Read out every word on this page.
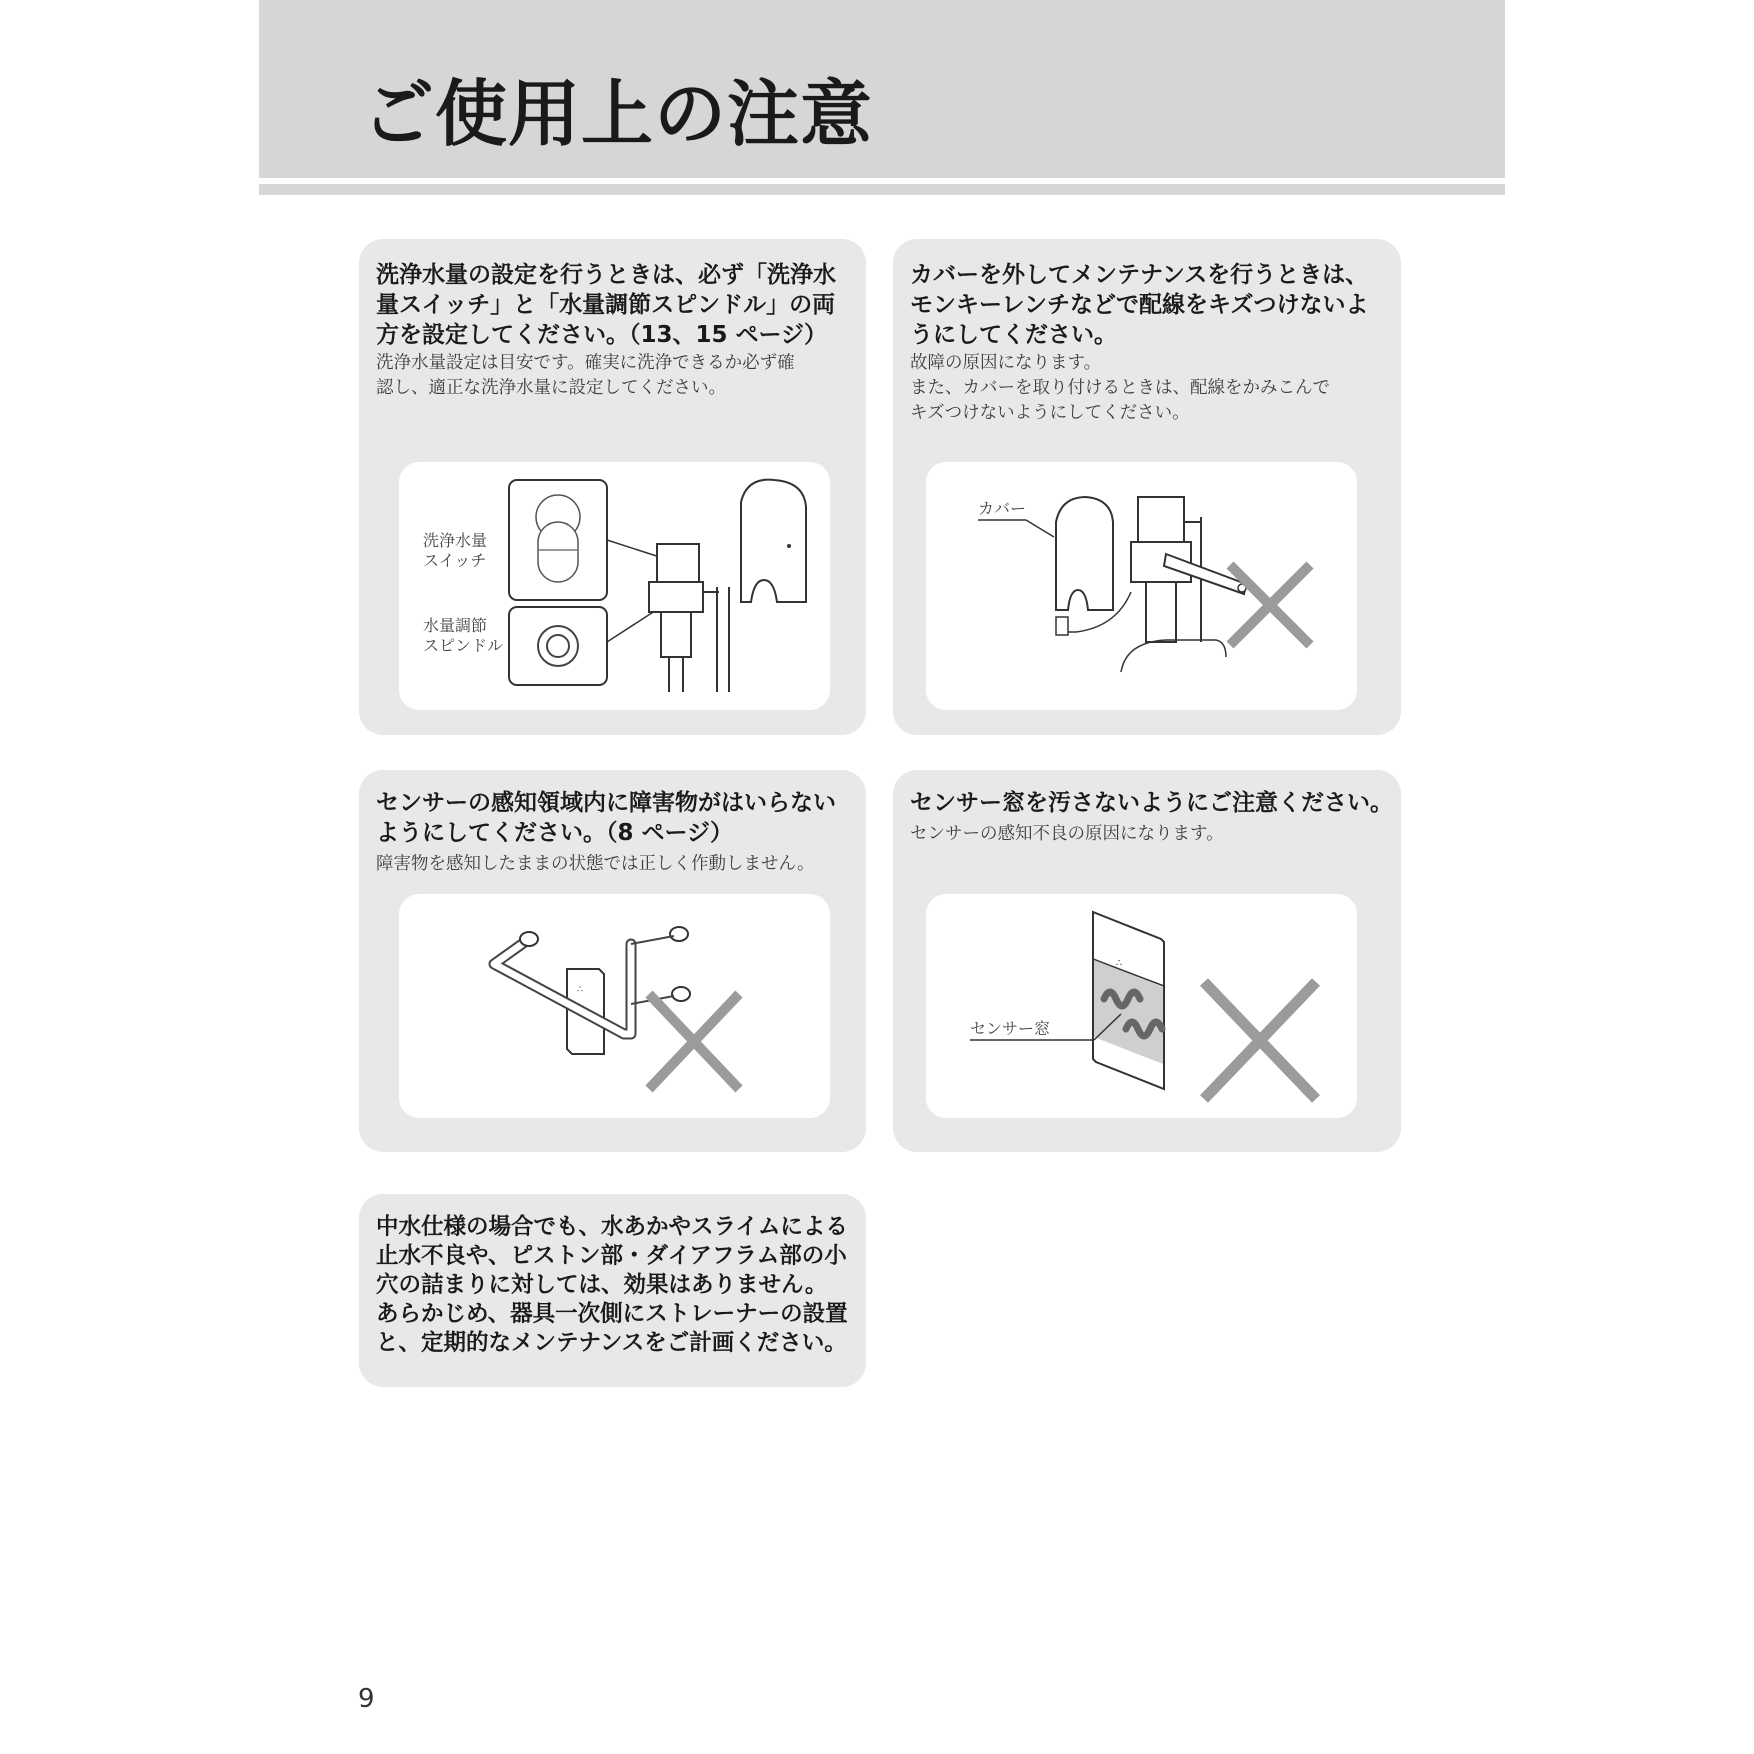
ご使用上の注意

洗浄水量の設定を行うときは、必ず「洗浄水
量スイッチ」と「水量調節スピンドル」の両
方を設定してください。（13、15 ページ）

洗浄水量設定は目安です。確実に洗浄できるか必ず確
認し、適正な洗浄水量に設定してください。

洗浄水量スイッチ
水量調節スピンドル

カバーを外してメンテナンスを行うときは、
モンキーレンチなどで配線をキズつけないよ
うにしてください。

故障の原因になります。
また、カバーを取り付けるときは、配線をかみこんで
キズつけないようにしてください。

カバー

センサーの感知領域内に障害物がはいらない
ようにしてください。（8 ページ）

障害物を感知したままの状態では正しく作動しません。

∴

センサー窓を汚さないようにご注意ください。

センサーの感知不良の原因になります。

∴
センサー窓

中水仕様の場合でも、水あかやスライムによる
止水不良や、ピストン部・ダイアフラム部の小
穴の詰まりに対しては、効果はありません。
あらかじめ、器具一次側にストレーナーの設置
と、定期的なメンテナンスをご計画ください。

9
